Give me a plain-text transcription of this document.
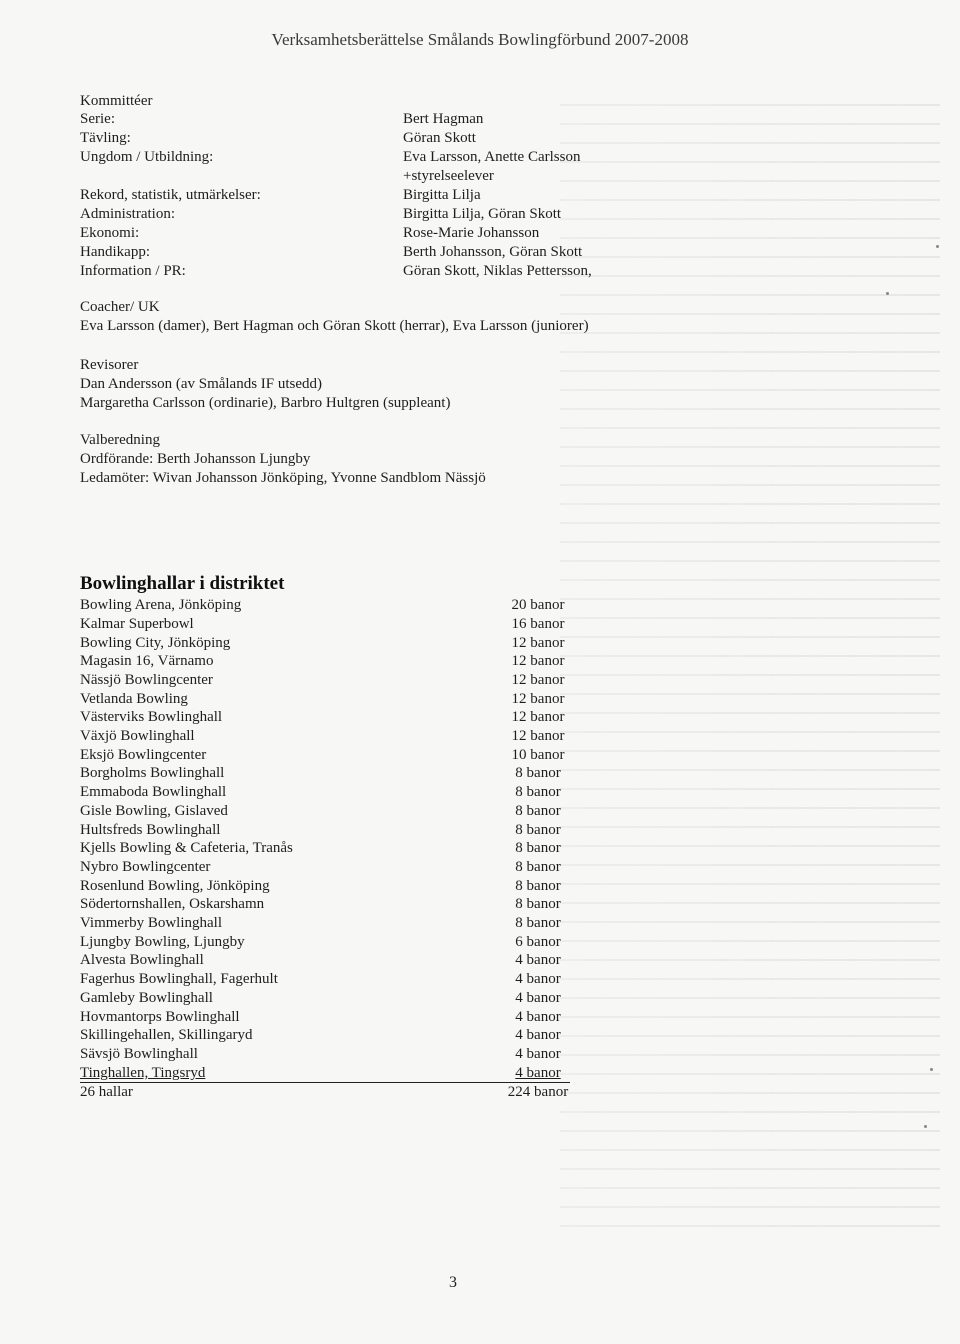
Verksamhetsberättelse Smålands Bowlingförbund 2007-2008
Kommittéer
Serie:	Bert Hagman
Tävling:	Göran Skott
Ungdom / Utbildning:	Eva Larsson, Anette Carlsson
+styrelseelever
Rekord, statistik, utmärkelser:	Birgitta Lilja
Administration:	Birgitta Lilja, Göran Skott
Ekonomi:	Rose-Marie Johansson
Handikapp:	Berth Johansson, Göran Skott
Information / PR:	Göran Skott, Niklas Pettersson,
Coacher/ UK
Eva Larsson (damer), Bert Hagman och Göran Skott (herrar), Eva Larsson (juniorer)
Revisorer
Dan Andersson (av Smålands IF utsedd)
Margaretha Carlsson (ordinarie), Barbro Hultgren (suppleant)
Valberedning
Ordförande: Berth Johansson Ljungby
Ledamöter: Wivan Johansson Jönköping, Yvonne Sandblom Nässjö
Bowlinghallar i distriktet
Bowling Arena, Jönköping	20 banor
Kalmar Superbowl	16 banor
Bowling City, Jönköping	12 banor
Magasin 16, Värnamo	12 banor
Nässjö Bowlingcenter	12 banor
Vetlanda Bowling	12 banor
Västerviks Bowlinghall	12 banor
Växjö Bowlinghall	12 banor
Eksjö Bowlingcenter	10 banor
Borgholms Bowlinghall	8 banor
Emmaboda Bowlinghall	8 banor
Gisle Bowling, Gislaved	8 banor
Hultsfreds Bowlinghall	8 banor
Kjells Bowling & Cafeteria, Tranås	8 banor
Nybro Bowlingcenter	8 banor
Rosenlund Bowling, Jönköping	8 banor
Södertornshallen, Oskarshamn	8 banor
Vimmerby Bowlinghall	8 banor
Ljungby Bowling, Ljungby	6 banor
Alvesta Bowlinghall	4 banor
Fagerhus Bowlinghall, Fagerhult	4 banor
Gamleby Bowlinghall	4 banor
Hovmantorps Bowlinghall	4 banor
Skillingehallen, Skillingaryd	4 banor
Sävsjö Bowlinghall	4 banor
Tinghallen, Tingsryd	4 banor
26 hallar	224 banor
3
